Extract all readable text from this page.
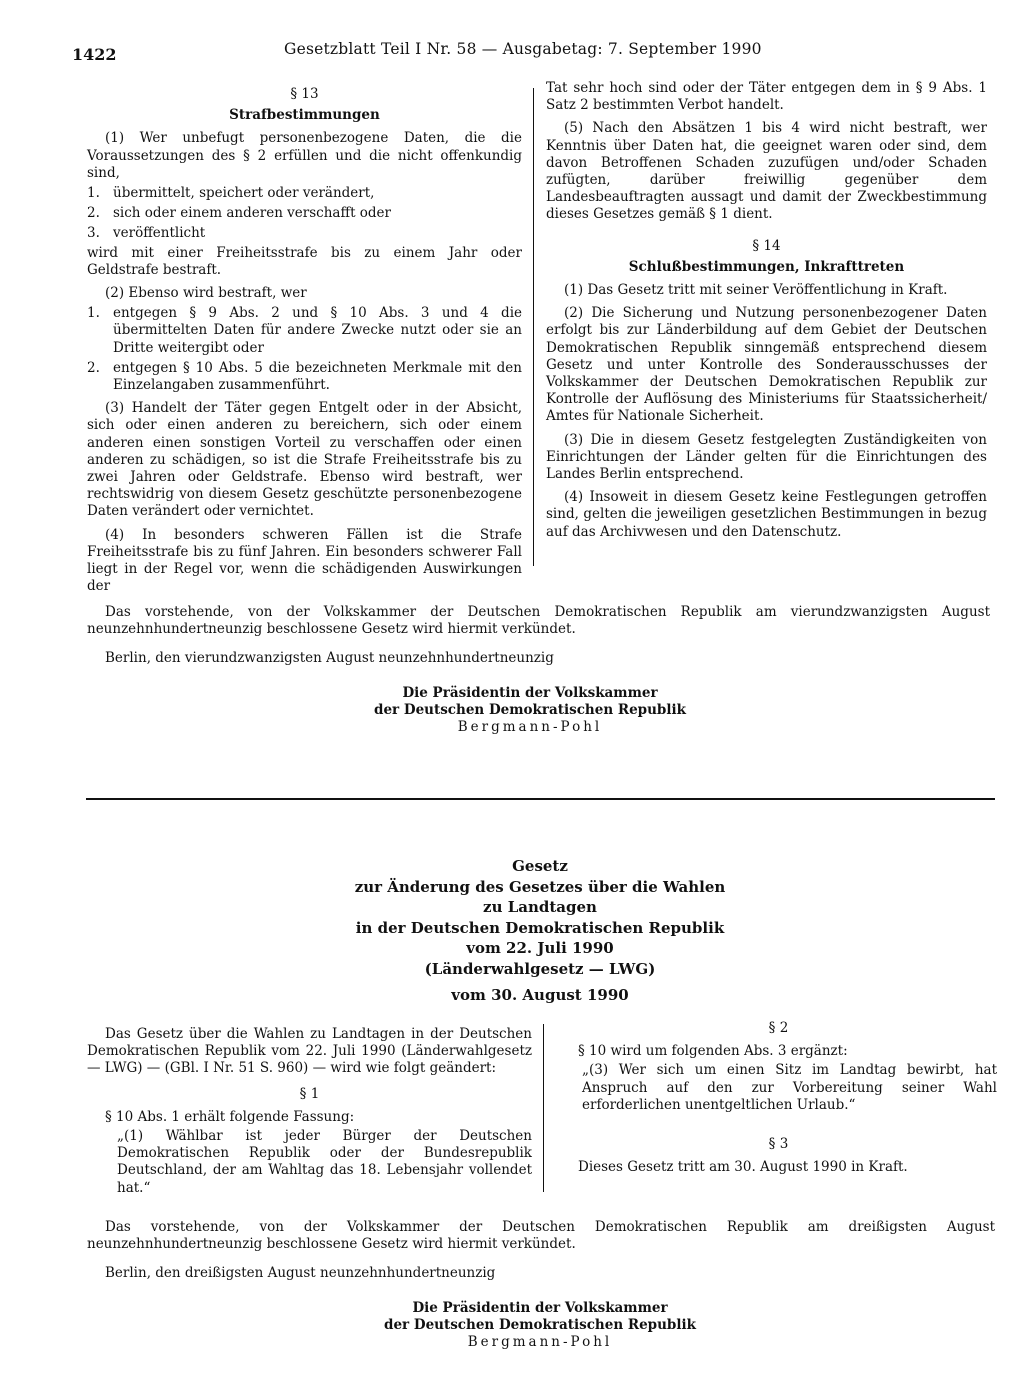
1422	Gesetzblatt Teil I Nr. 58 — Ausgabetag: 7. September 1990

§ 13

Strafbestimmungen

(1) Wer unbefugt personenbezogene Daten, die die Voraussetzungen des § 2 erfüllen und die nicht offenkundig sind,

1. übermittelt, speichert oder verändert,
2. sich oder einem anderen verschafft oder
3. veröffentlicht

wird mit einer Freiheitsstrafe bis zu einem Jahr oder Geldstrafe bestraft.

(2) Ebenso wird bestraft, wer

1. entgegen § 9 Abs. 2 und § 10 Abs. 3 und 4 die übermittelten Daten für andere Zwecke nutzt oder sie an Dritte weitergibt oder
2. entgegen § 10 Abs. 5 die bezeichneten Merkmale mit den Einzelangaben zusammenführt.

(3) Handelt der Täter gegen Entgelt oder in der Absicht, sich oder einen anderen zu bereichern, sich oder einem anderen einen sonstigen Vorteil zu verschaffen oder einen anderen zu schädigen, so ist die Strafe Freiheitsstrafe bis zu zwei Jahren oder Geldstrafe. Ebenso wird bestraft, wer rechtswidrig von diesem Gesetz geschützte personenbezogene Daten verändert oder vernichtet.

(4) In besonders schweren Fällen ist die Strafe Freiheitsstrafe bis zu fünf Jahren. Ein besonders schwerer Fall liegt in der Regel vor, wenn die schädigenden Auswirkungen der

Tat sehr hoch sind oder der Täter entgegen dem in § 9 Abs. 1 Satz 2 bestimmten Verbot handelt.

(5) Nach den Absätzen 1 bis 4 wird nicht bestraft, wer Kenntnis über Daten hat, die geeignet waren oder sind, dem davon Betroffenen Schaden zuzufügen und/oder Schaden zufügten, darüber freiwillig gegenüber dem Landesbeauftragten aussagt und damit der Zweckbestimmung dieses Gesetzes gemäß § 1 dient.

§ 14

Schlußbestimmungen, Inkrafttreten

(1) Das Gesetz tritt mit seiner Veröffentlichung in Kraft.

(2) Die Sicherung und Nutzung personenbezogener Daten erfolgt bis zur Länderbildung auf dem Gebiet der Deutschen Demokratischen Republik sinngemäß entsprechend diesem Gesetz und unter Kontrolle des Sonderausschusses der Volkskammer der Deutschen Demokratischen Republik zur Kontrolle der Auflösung des Ministeriums für Staatssicherheit/ Amtes für Nationale Sicherheit.

(3) Die in diesem Gesetz festgelegten Zuständigkeiten von Einrichtungen der Länder gelten für die Einrichtungen des Landes Berlin entsprechend.

(4) Insoweit in diesem Gesetz keine Festlegungen getroffen sind, gelten die jeweiligen gesetzlichen Bestimmungen in bezug auf das Archivwesen und den Datenschutz.

Das vorstehende, von der Volkskammer der Deutschen Demokratischen Republik am vierundzwanzigsten August neunzehnhundertneunzig beschlossene Gesetz wird hiermit verkündet.

Berlin, den vierundzwanzigsten August neunzehnhundertneunzig

Die Präsidentin der Volkskammer
der Deutschen Demokratischen Republik
Bergmann-Pohl
Gesetz
zur Änderung des Gesetzes über die Wahlen
zu Landtagen
in der Deutschen Demokratischen Republik
vom 22. Juli 1990
(Länderwahlgesetz — LWG)
vom 30. August 1990

Das Gesetz über die Wahlen zu Landtagen in der Deutschen Demokratischen Republik vom 22. Juli 1990 (Länderwahlgesetz — LWG) — (GBl. I Nr. 51 S. 960) — wird wie folgt geändert:

§ 1

§ 10 Abs. 1 erhält folgende Fassung:

„(1) Wählbar ist jeder Bürger der Deutschen Demokratischen Republik oder der Bundesrepublik Deutschland, der am Wahltag das 18. Lebensjahr vollendet hat.“

§ 2

§ 10 wird um folgenden Abs. 3 ergänzt:

„(3) Wer sich um einen Sitz im Landtag bewirbt, hat Anspruch auf den zur Vorbereitung seiner Wahl erforderlichen unentgeltlichen Urlaub.“

§ 3

Dieses Gesetz tritt am 30. August 1990 in Kraft.

Das vorstehende, von der Volkskammer der Deutschen Demokratischen Republik am dreißigsten August neunzehnhundertneunzig beschlossene Gesetz wird hiermit verkündet.

Berlin, den dreißigsten August neunzehnhundertneunzig

Die Präsidentin der Volkskammer
der Deutschen Demokratischen Republik
Bergmann-Pohl
